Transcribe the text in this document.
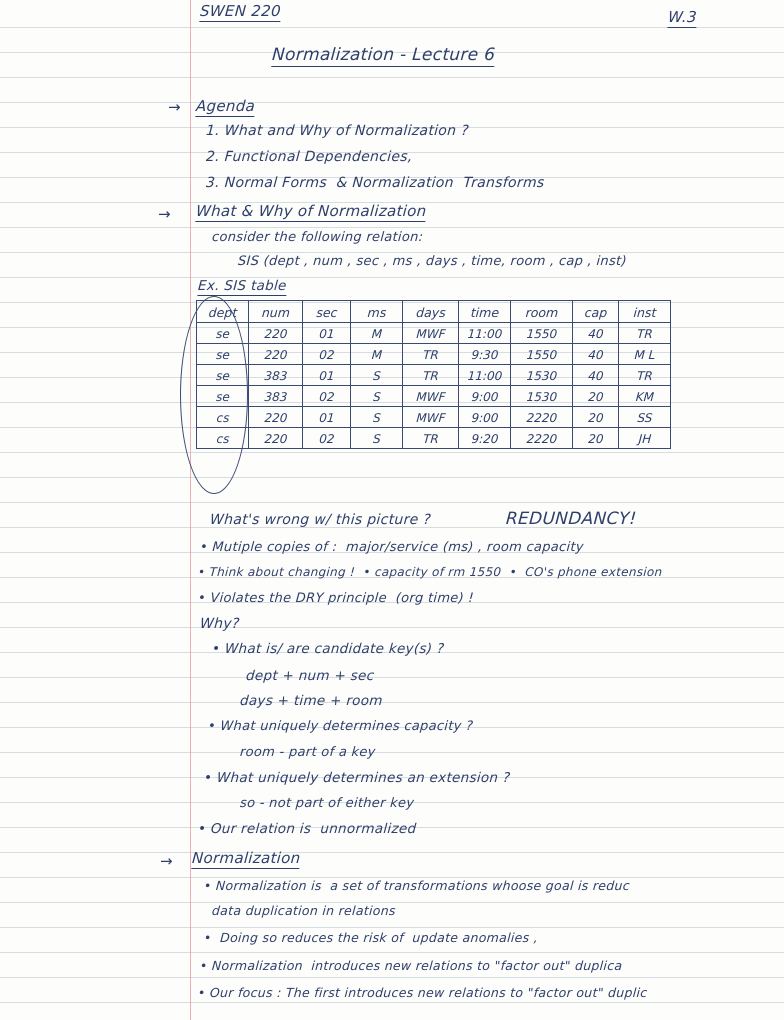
SWEN 220	W.3
Normalization - Lecture 6
→ Agenda
1. What and Why of Normalization ?
2. Functional Dependencies,
3. Normal Forms  & Normalization  Transforms
→ What & Why of Normalization
consider the following relation:
SIS (dept , num , sec , ms , days , time, room , cap , inst)
Ex. SIS table
dept	num	sec	ms	days	time	room	cap	inst
se	220	01	M	MWF	11:00	1550	40	TR
se	220	02	M	TR	9:30	1550	40	M L
se	383	01	S	TR	11:00	1530	40	TR
se	383	02	S	MWF	9:00	1530	20	KM
cs	220	01	S	MWF	9:00	2220	20	SS
cs	220	02	S	TR	9:20	2220	20	JH
What's wrong w/ this picture ?	REDUNDANCY!
• Mutiple copies of :  major/service (ms) , room capacity
• Think about changing !  • capacity of rm 1550  •  CO's phone extension
• Violates the DRY principle  (org time) !
Why?
• What is/ are candidate key(s) ?
dept + num + sec
days + time + room
• What uniquely determines capacity ?
room - part of a key
• What uniquely determines an extension ?
so - not part of either key
• Our relation is  unnormalized
→ Normalization
• Normalization is  a set of transformations whoose goal is reduc
data duplication in relations
•  Doing so reduces the risk of  update anomalies ,
• Normalization  introduces new relations to "factor out" duplica
• Our focus : The first introduces new relations to "factor out" duplic
